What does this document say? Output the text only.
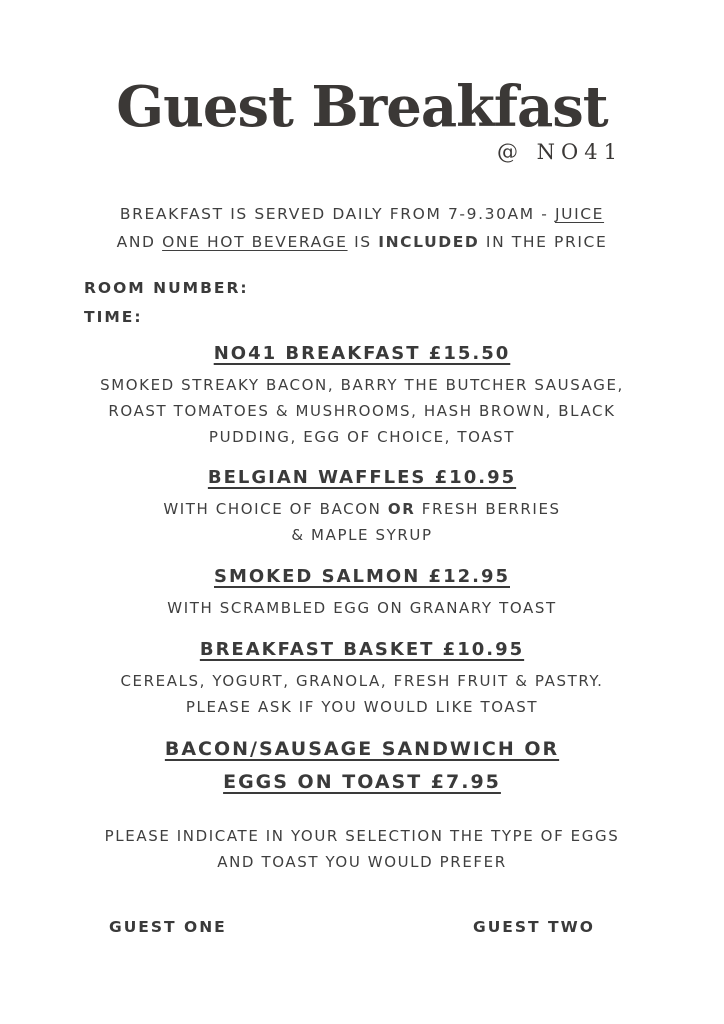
Guest Breakfast
@ NO41
BREAKFAST IS SERVED DAILY FROM 7-9.30AM - JUICE
AND ONE HOT BEVERAGE IS INCLUDED IN THE PRICE
ROOM NUMBER:
TIME:
NO41 BREAKFAST £15.50
SMOKED STREAKY BACON, BARRY THE BUTCHER SAUSAGE,
ROAST TOMATOES & MUSHROOMS, HASH BROWN, BLACK
PUDDING, EGG OF CHOICE, TOAST
BELGIAN WAFFLES £10.95
WITH CHOICE OF BACON OR FRESH BERRIES
& MAPLE SYRUP
SMOKED SALMON £12.95
WITH SCRAMBLED EGG ON GRANARY TOAST
BREAKFAST BASKET £10.95
CEREALS, YOGURT, GRANOLA, FRESH FRUIT & PASTRY.
PLEASE ASK IF YOU WOULD LIKE TOAST
BACON/SAUSAGE SANDWICH OR
EGGS ON TOAST £7.95
PLEASE INDICATE IN YOUR SELECTION THE TYPE OF EGGS
AND TOAST YOU WOULD PREFER
GUEST ONE	GUEST TWO
